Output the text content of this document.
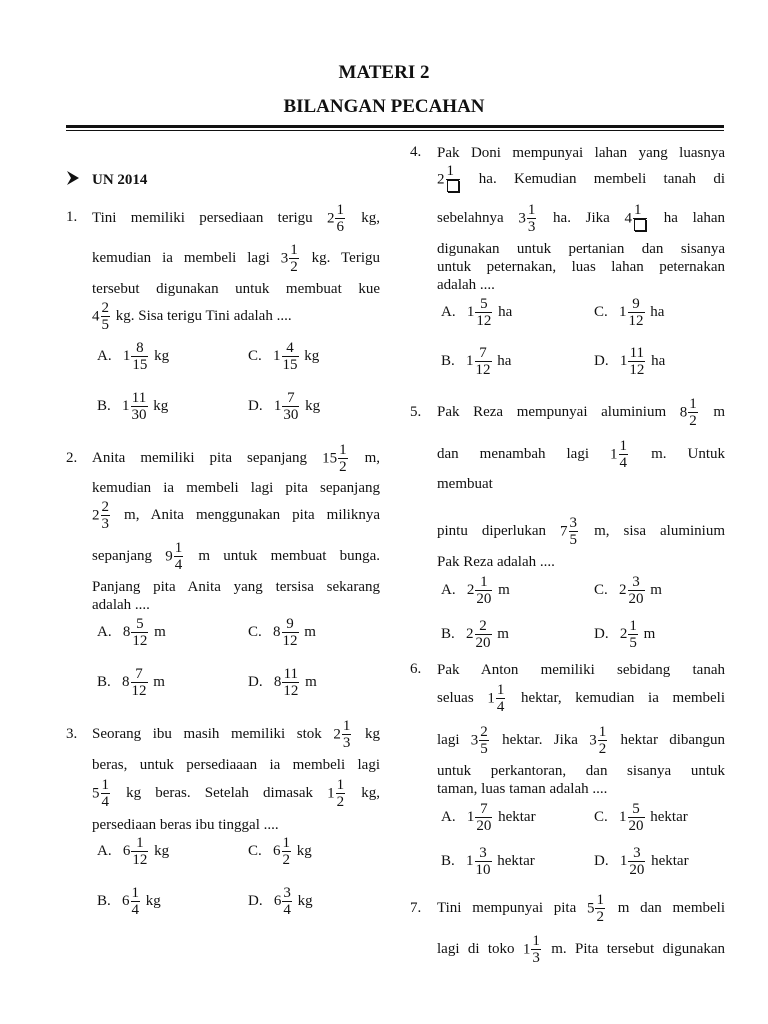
MATERI 2
BILANGAN PECAHAN
UN 2014
1. Tini memiliki persediaan terigu $2 \frac{1}{6}$ kg,
kemudian ia membeli lagi $3 \frac{1}{2}$ kg. Terigu
tersebut digunakan untuk membuat kue
$4 \frac{2}{5}$ kg. Sisa terigu Tini adalah ....
A. $1 \frac{8}{15}$ kg	C. $1 \frac{4}{15}$ kg
B. $1 \frac{11}{30}$ kg	D. $1 \frac{7}{30}$ kg
2. Anita memiliki pita sepanjang $15 \frac{1}{2} m$,
kemudian ia membeli lagi pita sepanjang
$2 \frac{2}{3} m$, Anita menggunakan pita miliknya
sepanjang $9 \frac{1}{4}$ m untuk membuat bunga.
Panjang pita Anita yang tersisa sekarang
adalah ....
A. $8 \frac{5}{12}$ m	C. $8 \frac{9}{12}$ m
B. $8 \frac{7}{12}$ m	D. $8 \frac{11}{12}$ m
3. Seorang ibu masih memiliki stok $2 \frac{1}{3}$ kg
beras, untuk persediaaan ia membeli lagi
$5 \frac{1}{4}$ kg beras. Setelah dimasak $1 \frac{1}{2}$ kg,
persediaan beras ibu tinggal ....
A. $6 \frac{1}{12}$ kg	C. $6 \frac{1}{2}$ kg
B. $6 \frac{1}{4}$ kg	D. $6 \frac{3}{4}$ kg
4. Pak Doni mempunyai lahan yang luasnya
2
1	ha. Kemudian membeli tanah di
sebelahnya $3 \frac{1}{3}$ ha. Jika 4
1	ha lahan
digunakan untuk pertanian dan sisanya
untuk peternakan, luas lahan peternakan
adalah ....
A. $1 \frac{5}{12}$ ha	C. $1 \frac{9}{12}$ ha
B. $1 \frac{7}{12}$ ha	D. $1 \frac{11}{12}$ ha
5. Pak Reza mempunyai aluminium $8 \frac{1}{2}$ m
dan menambah lagi $1 \frac{1}{4} m$. Untuk
membuat
pintu diperlukan $7 \frac{3}{5} m$, sisa aluminium
Pak Reza adalah ....
A. $2 \frac{1}{20}$ m	C. $2 \frac{3}{20}$ m
B. $2 \frac{2}{20}$ m	D. $2 \frac{1}{5}$ m
6. Pak Anton memiliki sebidang tanah
seluas $1 \frac{1}{4}$ hektar, kemudian ia membeli
lagi $3 \frac{2}{5}$ hektar. Jika $3 \frac{1}{2}$ hektar dibangun
untuk perkantoran, dan sisanya untuk
taman, luas taman adalah ....
A. $1 \frac{7}{20}$ hektar	C. $1 \frac{5}{20}$ hektar
B. $1 \frac{3}{10}$ hektar	D. $1 \frac{3}{20}$ hektar
7. Tini mempunyai pita $5 \frac{1}{2}$ m dan membeli
lagi di toko $1 \frac{1}{3} m$. Pita tersebut digunakan
